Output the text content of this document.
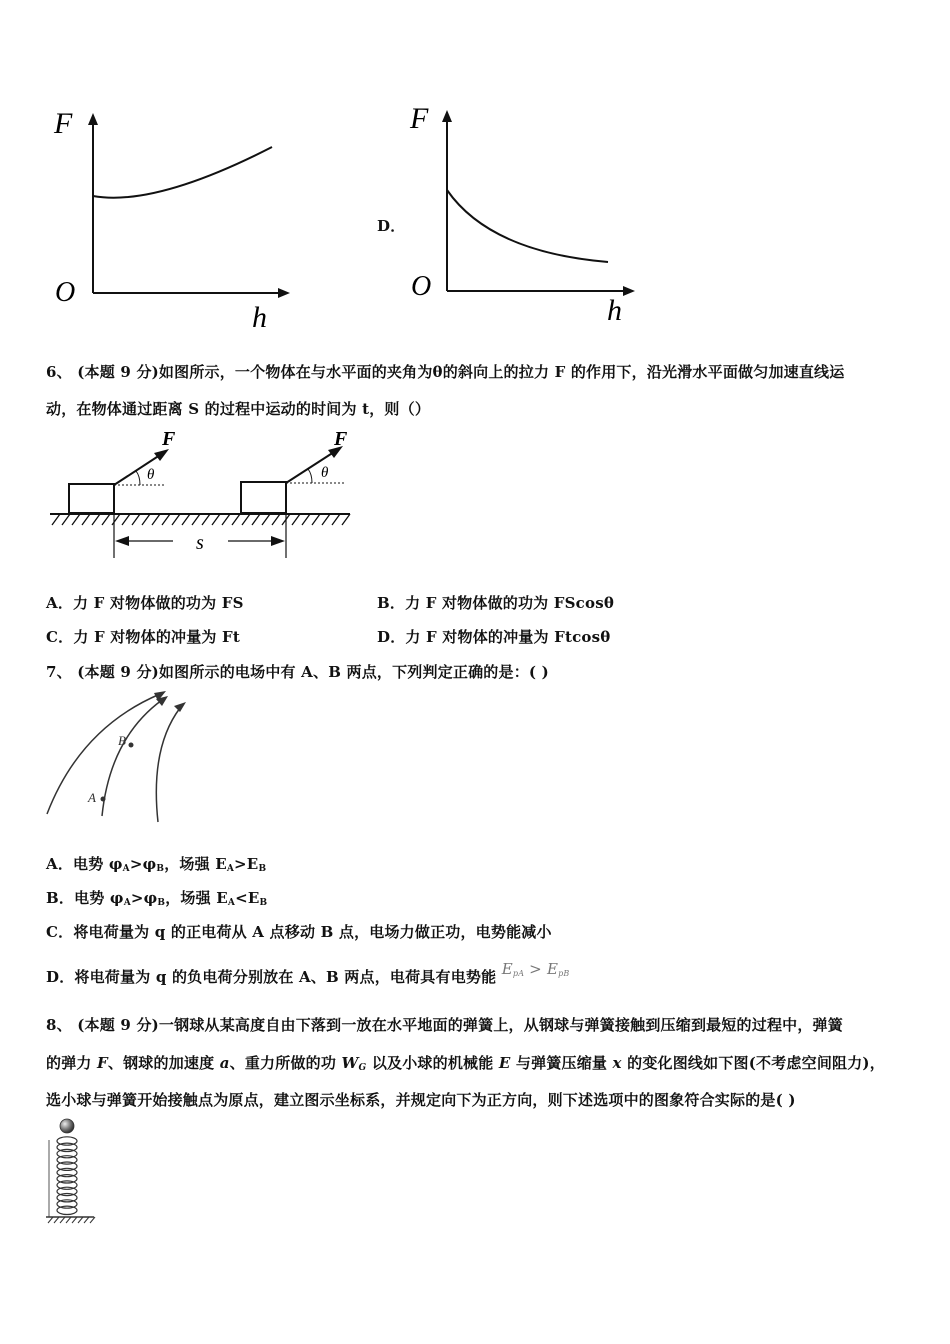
F
O
h
D．
F
O
h
6、 (本题 9 分)如图所示，一个物体在与水平面的夹角为θ的斜向上的拉力 F 的作用下，沿光滑水平面做匀加速直线运
动，在物体通过距离 S 的过程中运动的时间为 t，则（）
F
θ
F
θ
s
A．力 F 对物体做的功为 FS	B．力 F 对物体做的功为 FScosθ
C．力 F 对物体的冲量为 Ft	D．力 F 对物体的冲量为 Ftcosθ
7、 (本题 9 分)如图所示的电场中有 A、B 两点，下列判定正确的是：( )
B
A
A．电势 $\varphi_A>\varphi_B$，场强 $E_A>E_B$
B．电势 $\varphi_A>\varphi_B$，场强 $E_A<E_B$
C．将电荷量为 q 的正电荷从 A 点移动 B 点，电场力做正功，电势能减小
D．将电荷量为 q 的负电荷分别放在 A、B 两点，电荷具有电势能 $E_{pA} > E_{pB}$
8、 (本题 9 分)一钢球从某高度自由下落到一放在水平地面的弹簧上，从钢球与弹簧接触到压缩到最短的过程中，弹簧
的弹力 F、钢球的加速度 a、重力所做的功 $W_G$ 以及小球的机械能 E 与弹簧压缩量 x 的变化图线如下图(不考虑空间阻力)，
选小球与弹簧开始接触点为原点，建立图示坐标系，并规定向下为正方向，则下述选项中的图象符合实际的是( )
